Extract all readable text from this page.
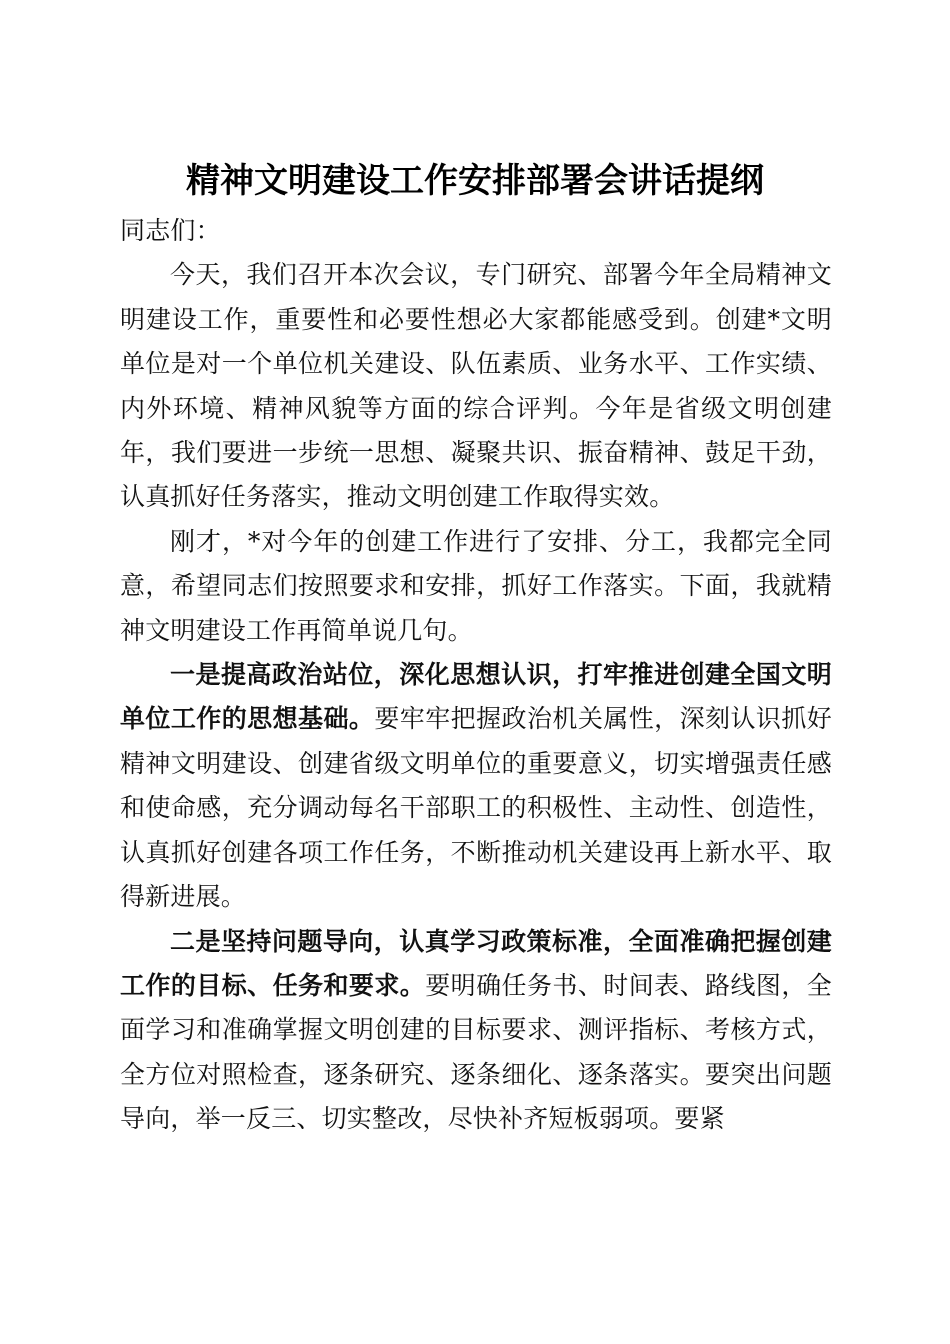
精神文明建设工作安排部署会讲话提纲

同志们：

今天，我们召开本次会议，专门研究、部署今年全局精神文明建设工作，重要性和必要性想必大家都能感受到。创建*文明单位是对一个单位机关建设、队伍素质、业务水平、工作实绩、内外环境、精神风貌等方面的综合评判。今年是省级文明创建年，我们要进一步统一思想、凝聚共识、振奋精神、鼓足干劲，认真抓好任务落实，推动文明创建工作取得实效。

刚才，*对今年的创建工作进行了安排、分工，我都完全同意，希望同志们按照要求和安排，抓好工作落实。下面，我就精神文明建设工作再简单说几句。

一是提高政治站位，深化思想认识，打牢推进创建全国文明单位工作的思想基础。要牢牢把握政治机关属性，深刻认识抓好精神文明建设、创建省级文明单位的重要意义，切实增强责任感和使命感，充分调动每名干部职工的积极性、主动性、创造性，认真抓好创建各项工作任务，不断推动机关建设再上新水平、取得新进展。

二是坚持问题导向，认真学习政策标准，全面准确把握创建工作的目标、任务和要求。要明确任务书、时间表、路线图，全面学习和准确掌握文明创建的目标要求、测评指标、考核方式，全方位对照检查，逐条研究、逐条细化、逐条落实。要突出问题导向，举一反三、切实整改，尽快补齐短板弱项。要紧
